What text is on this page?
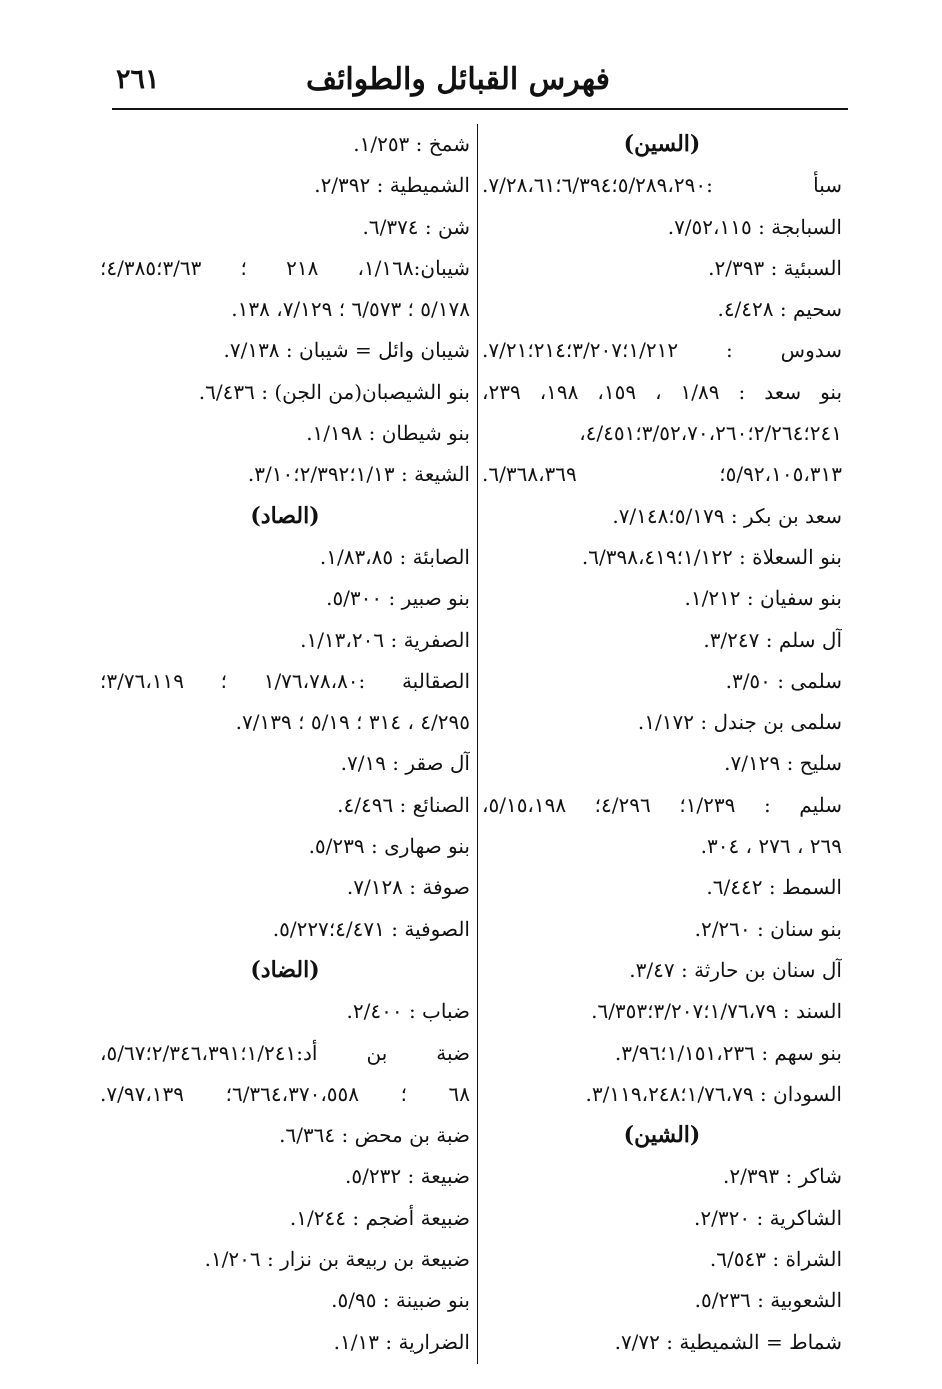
فهرس القبائل والطوائف
٢٦١
(السين)
سبأ :٥/٢٨٩،٢٩٠؛٦/٣٩٤؛٧/٢٨،٦١.
السبابجة : ٧/٥٢،١١٥.
السبئية : ٢/٣٩٣.
سحيم : ٤/٤٢٨.
سدوس : ١/٢١٢؛٣/٢٠٧؛٢١٤؛٧/٢١.
بنو سعد : ١/٨٩ ، ١٥٩، ١٩٨، ٢٣٩،
٢٤١؛٢/٢٦٤؛٣/٥٢،٧٠،٢٦٠؛٤/٤٥١،
٥/٩٢،١٠٥،٣١٣؛ ٦/٣٦٨،٣٦٩.
سعد بن بكر : ٥/١٧٩؛٧/١٤٨.
بنو السعلاة : ١/١٢٢؛٦/٣٩٨،٤١٩.
بنو سفيان : ١/٢١٢.
آل سلم : ٣/٢٤٧.
سلمى : ٣/٥٠.
سلمى بن جندل : ١/١٧٢.
سليح : ٧/١٢٩.
سليم : ١/٢٣٩؛ ٤/٢٩٦؛ ٥/١٥،١٩٨،
٢٦٩ ، ٢٧٦ ، ٣٠٤.
السمط : ٦/٤٤٢.
بنو سنان : ٢/٢٦٠.
آل سنان بن حارثة : ٣/٤٧.
السند : ١/٧٦،٧٩؛٣/٢٠٧؛٦/٣٥٣.
بنو سهم : ١/١٥١،٢٣٦؛٣/٩٦.
السودان : ١/٧٦،٧٩؛٣/١١٩،٢٤٨.
(الشين)
شاكر : ٢/٣٩٣.
الشاكرية : ٢/٣٢٠.
الشراة : ٦/٥٤٣.
الشعوبية : ٥/٢٣٦.
شماط = الشميطية : ٧/٧٢.
شمخ : ١/٢٥٣.
الشميطية : ٢/٣٩٢.
شن : ٦/٣٧٤.
شيبان:١/١٦٨، ٢١٨ ؛ ٣/٦٣؛٤/٣٨٥؛
٥/١٧٨ ؛ ٦/٥٧٣ ؛ ٧/١٢٩، ١٣٨.
شيبان وائل = شيبان : ٧/١٣٨.
بنو الشيصبان(من الجن) : ٦/٤٣٦.
بنو شيطان : ١/١٩٨.
الشيعة : ١/١٣؛٢/٣٩٢؛٣/١٠.
(الصاد)
الصابئة : ١/٨٣،٨٥.
بنو صبير : ٥/٣٠٠.
الصفرية : ١/١٣،٢٠٦.
الصقالبة :١/٧٦،٧٨،٨٠ ؛ ٣/٧٦،١١٩؛
٤/٢٩٥ ، ٣١٤ ؛ ٥/١٩ ؛ ٧/١٣٩.
آل صقر : ٧/١٩.
الصنائع : ٤/٤٩٦.
بنو صهارى : ٥/٢٣٩.
صوفة : ٧/١٢٨.
الصوفية : ٤/٤٧١؛٥/٢٢٧.
(الضاد)
ضباب : ٢/٤٠٠.
ضبة بن أد:١/٢٤١؛٢/٣٤٦،٣٩١؛٥/٦٧،
٦٨ ؛ ٦/٣٦٤،٣٧٠،٥٥٨؛ ٧/٩٧،١٣٩.
ضبة بن محض : ٦/٣٦٤.
ضبيعة : ٥/٢٣٢.
ضبيعة أضجم : ١/٢٤٤.
ضبيعة بن ربيعة بن نزار : ١/٢٠٦.
بنو ضبينة : ٥/٩٥.
الضرارية : ١/١٣.
